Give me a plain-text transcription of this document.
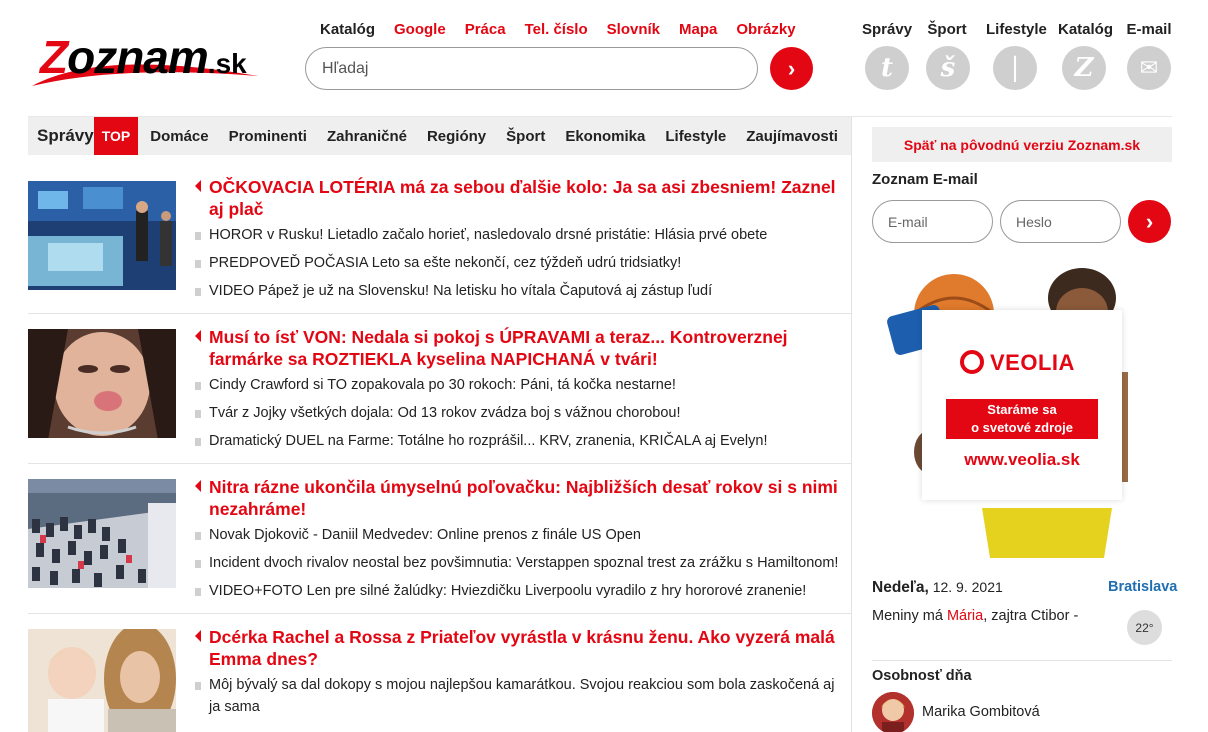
Zoznam.sk
Katalóg Google Práca Tel. číslo Slovník Mapa Obrázky
Hľadaj
›
Správy
t
Šport
š
Lifestyle
|
Katalóg
Z
E-mail
✉
Správy TOP	Domáce Prominenti Zahraničné Regióny Šport Ekonomika Lifestyle Zaujímavosti
OČKOVACIA LOTÉRIA má za sebou ďalšie kolo: Ja sa asi zbesniem! Zaznel aj plač
HOROR v Rusku! Lietadlo začalo horieť, nasledovalo drsné pristátie: Hlásia prvé obete
PREDPOVEĎ POČASIA Leto sa ešte nekončí, cez týždeň udrú tridsiatky!
VIDEO Pápež je už na Slovensku! Na letisku ho vítala Čaputová aj zástup ľudí
Musí to ísť VON: Nedala si pokoj s ÚPRAVAMI a teraz... Kontroverznej farmárke sa ROZTIEKLA kyselina NAPICHANÁ v tvári!
Cindy Crawford si TO zopakovala po 30 rokoch: Páni, tá kočka nestarne!
Tvár z Jojky všetkých dojala: Od 13 rokov zvádza boj s vážnou chorobou!
Dramatický DUEL na Farme: Totálne ho rozprášil... KRV, zranenia, KRIČALA aj Evelyn!
Nitra rázne ukončila úmyselnú poľovačku: Najbližších desať rokov si s nimi nezahráme!
Novak Djokovič - Daniil Medvedev: Online prenos z finále US Open
Incident dvoch rivalov neostal bez povšimnutia: Verstappen spoznal trest za zrážku s Hamiltonom!
VIDEO+FOTO Len pre silné žalúdky: Hviezdičku Liverpoolu vyradilo z hry hororové zranenie!
Dcérka Rachel a Rossa z Priateľov vyrástla v krásnu ženu. Ako vyzerá malá Emma dnes?
Môj bývalý sa dal dokopy s mojou najlepšou kamarátkou. Svojou reakciou som bola zaskočená aj ja sama
Späť na pôvodnú verziu Zoznam.sk
Zoznam E-mail
E-mail
›
VEOLIA
Staráme sa
o svetové zdroje
www.veolia.sk
Nedeľa, 12. 9. 2021	Bratislava
Meniny má Mária, zajtra Ctibor -
22°
Osobnosť dňa
Marika Gombitová
